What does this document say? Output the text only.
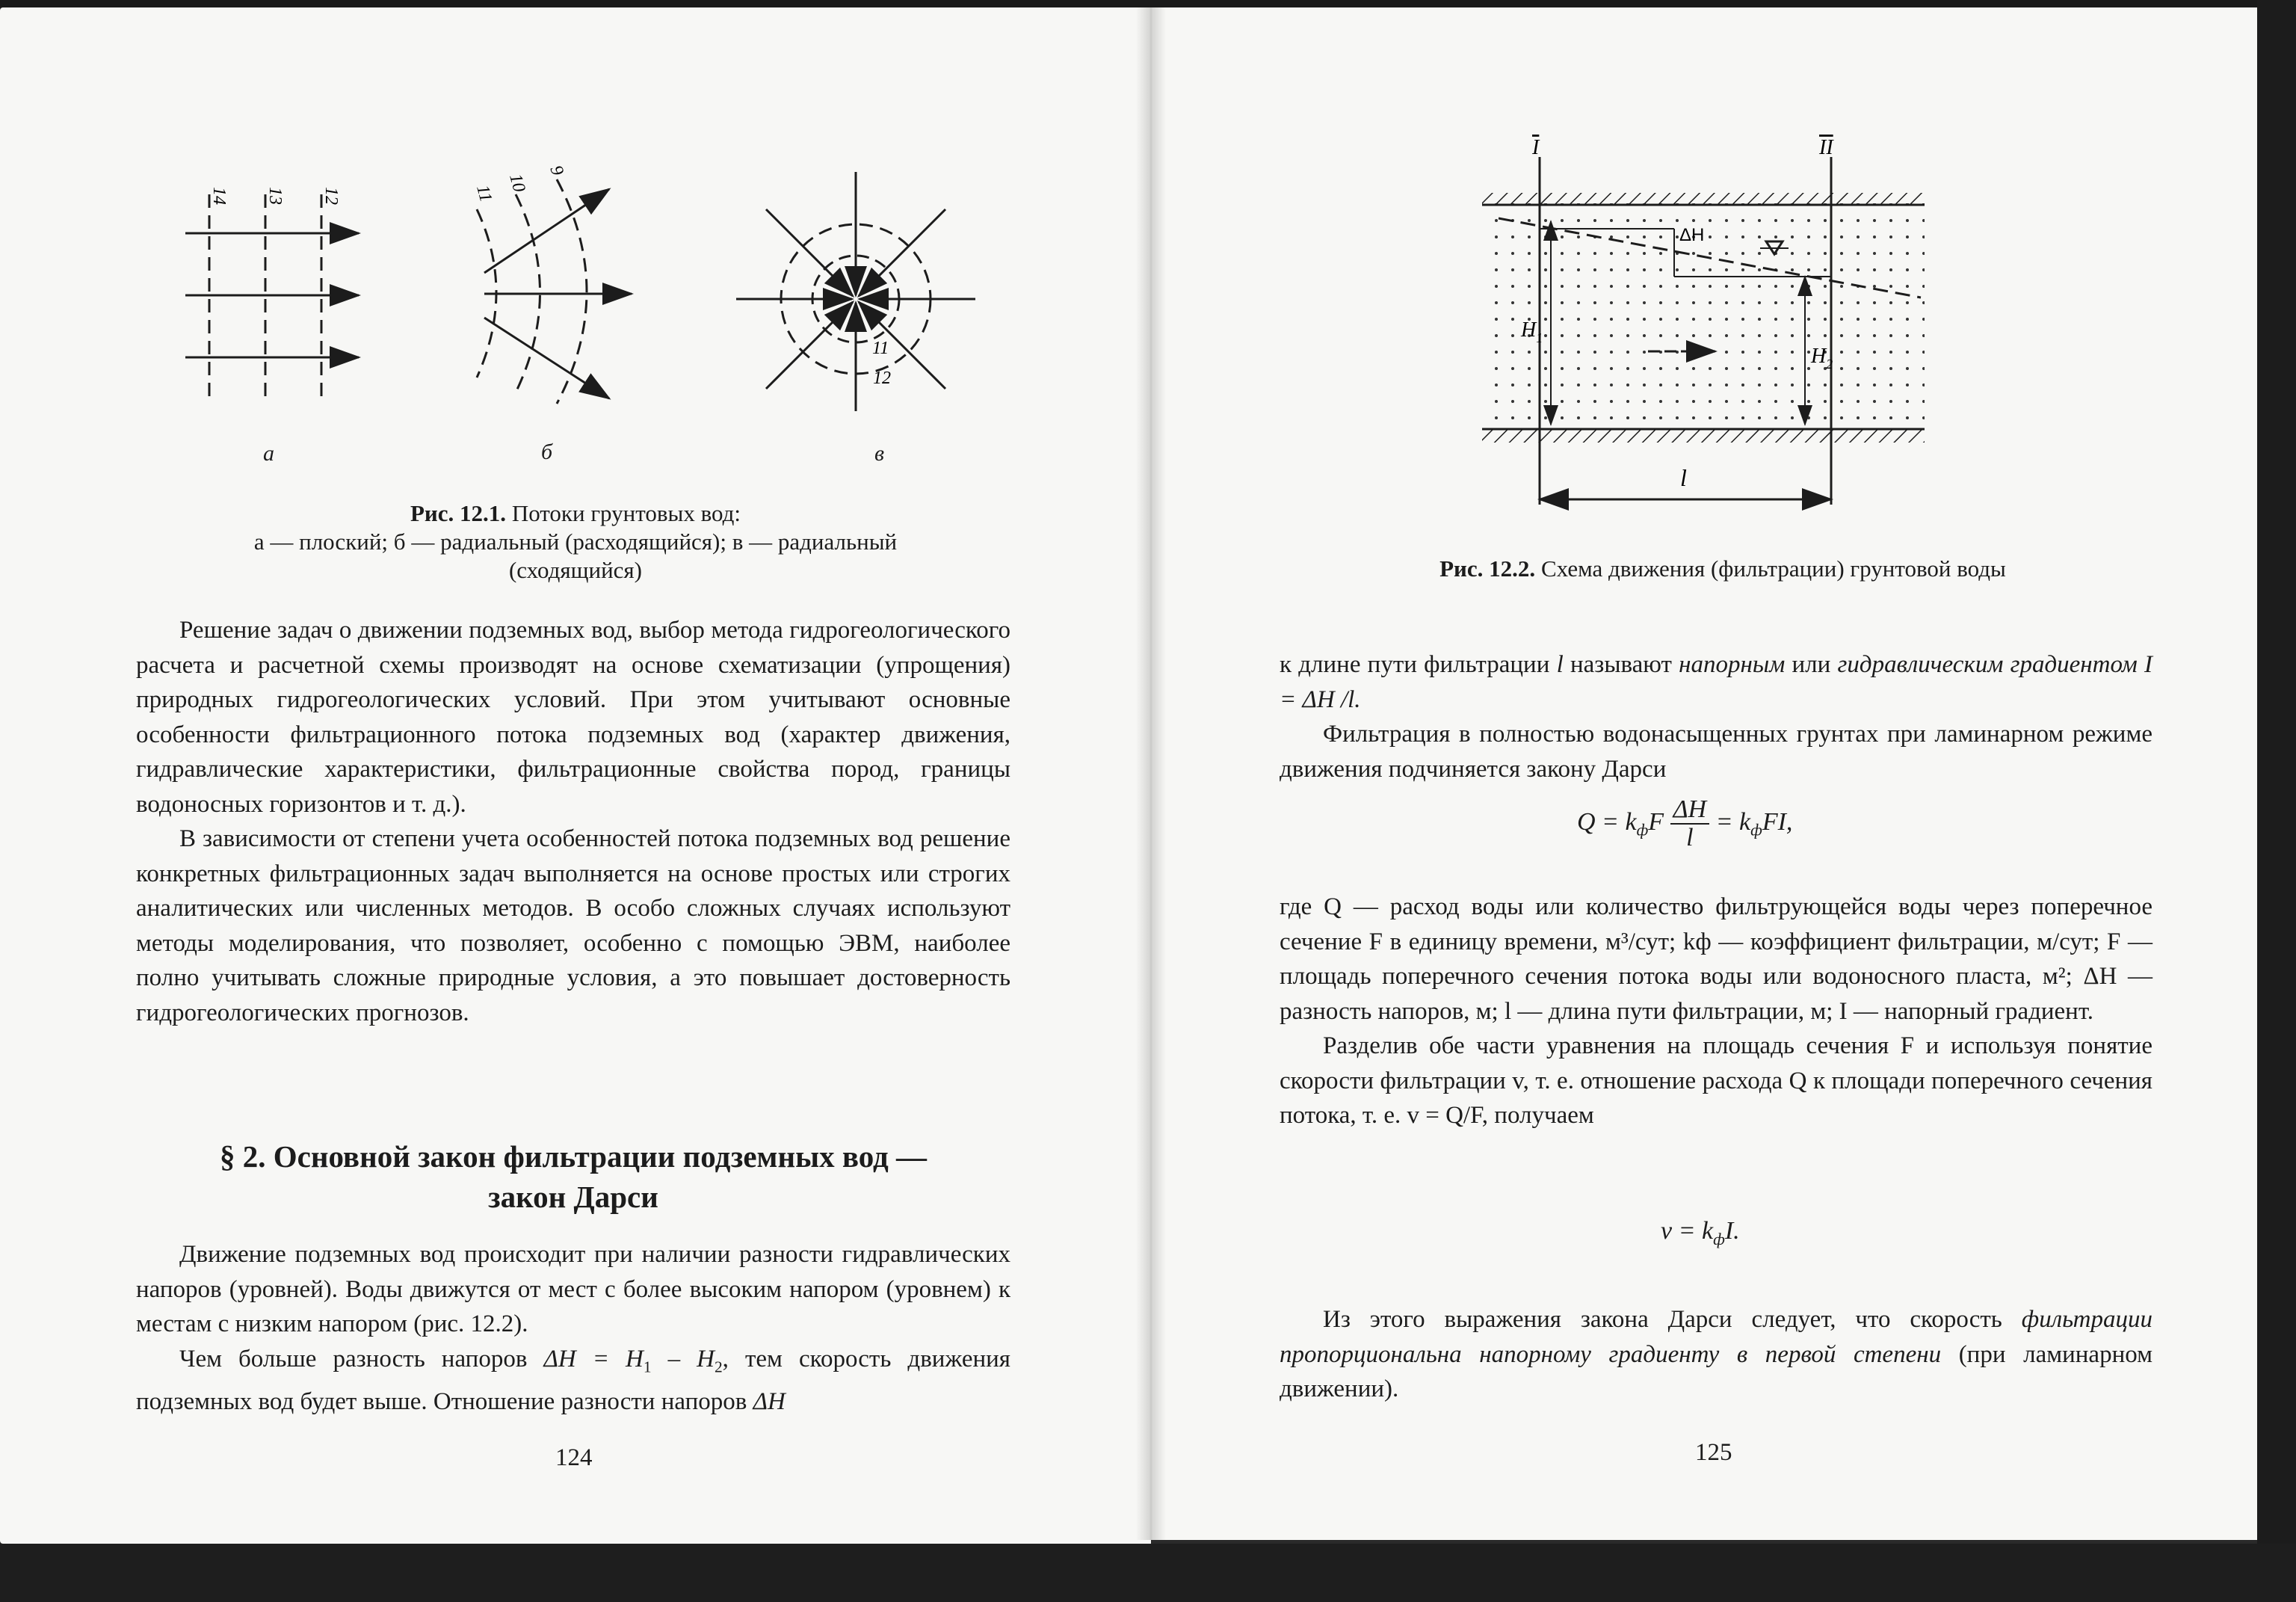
14 13 12	11 10
9
11
12
а	б	в
Рис. 12.1. Потоки грунтовых вод:
а — плоский; б — радиальный (расходящийся); в — радиальный
(сходящийся)

Решение задач о движении подземных вод, выбор метода гидрогеологического расчета и расчетной схемы производят на основе схематизации (упрощения) природных гидрогеологических условий. При этом учитывают основные особенности фильтрационного потока подземных вод (характер движения, гидравлические характеристики, фильтрационные свойства пород, границы водоносных горизонтов и т. д.).

В зависимости от степени учета особенностей потока подземных вод решение конкретных фильтрационных задач выполняется на основе простых или строгих аналитических или численных методов. В особо сложных случаях используют методы моделирования, что позволяет, особенно с помощью ЭВМ, наиболее полно учитывать сложные природные условия, а это повышает достоверность гидрогеологических прогнозов.

§ 2. Основной закон фильтрации подземных вод —
закон Дарси

Движение подземных вод происходит при наличии разности гидравлических напоров (уровней). Воды движутся от мест с более высоким напором (уровнем) к местам с низким напором (рис. 12.2).

Чем больше разность напоров $\Delta H = H_1 - H_2$, тем скорость движения подземных вод будет выше. Отношение разности напоров ΔH

124
I	II
ΔH
$H_1$
$H_2$
l
Рис. 12.2. Схема движения (фильтрации) грунтовой воды

к длине пути фильтрации l называют напорным или гидравлическим градиентом I = ΔH /l.

Фильтрация в полностью водонасыщенных грунтах при ламинарном режиме движения подчиняется закону Дарси

$Q = k_фF \frac{\Delta H}{l} = k_фFI$,

где Q — расход воды или количество фильтрующейся воды через поперечное сечение F в единицу времени, м³/сут; kф — коэффициент фильтрации, м/сут; F — площадь поперечного сечения потока воды или водоносного пласта, м²; ΔH — разность напоров, м; l — длина пути фильтрации, м; I — напорный градиент.

Разделив обе части уравнения на площадь сечения F и используя понятие скорости фильтрации v, т. е. отношение расхода Q к площади поперечного сечения потока, т. е. v = Q/F, получаем

$v = k_фI$.

Из этого выражения закона Дарси следует, что скорость фильтрации пропорциональна напорному градиенту в первой степени (при ламинарном движении).

125
